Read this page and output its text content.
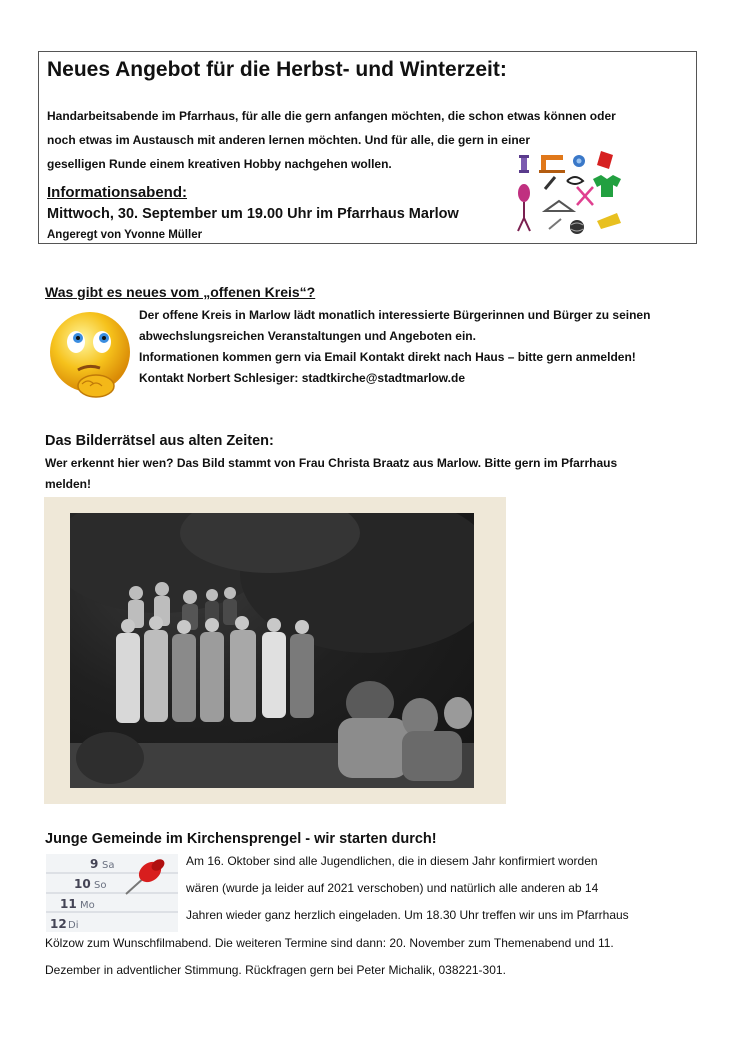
Neues Angebot für die Herbst- und Winterzeit:
Handarbeitsabende im Pfarrhaus, für alle die gern anfangen möchten, die schon etwas können oder
noch etwas im Austausch mit anderen lernen möchten. Und für alle, die gern in einer
geselligen Runde einem kreativen Hobby nachgehen wollen.
Informationsabend:
Mittwoch, 30. September um 19.00 Uhr im Pfarrhaus Marlow
Angeregt von Yvonne Müller
Was gibt es neues vom „offenen Kreis“?
Der offene Kreis in Marlow lädt monatlich interessierte Bürgerinnen und Bürger zu seinen
abwechslungsreichen Veranstaltungen und Angeboten ein.
Informationen kommen gern via Email Kontakt direkt nach Haus – bitte gern anmelden!
Kontakt Norbert Schlesiger: stadtkirche@stadtmarlow.de
Das Bilderrätsel aus alten Zeiten:
Wer erkennt hier wen? Das Bild stammt von Frau Christa Braatz aus Marlow. Bitte gern im Pfarrhaus
melden!
Junge Gemeinde im Kirchensprengel - wir starten durch!
9 Sa
10 So
11 Mo
12 Di
Am 16. Oktober sind alle Jugendlichen, die in diesem Jahr konfirmiert worden
wären (wurde ja leider auf 2021 verschoben) und natürlich alle anderen ab 14
Jahren wieder ganz herzlich eingeladen. Um 18.30 Uhr treffen wir uns im Pfarrhaus
Kölzow zum Wunschfilmabend. Die weiteren Termine sind dann: 20. November zum Themenabend und 11.
Dezember in adventlicher Stimmung. Rückfragen gern bei Peter Michalik, 038221-301.
